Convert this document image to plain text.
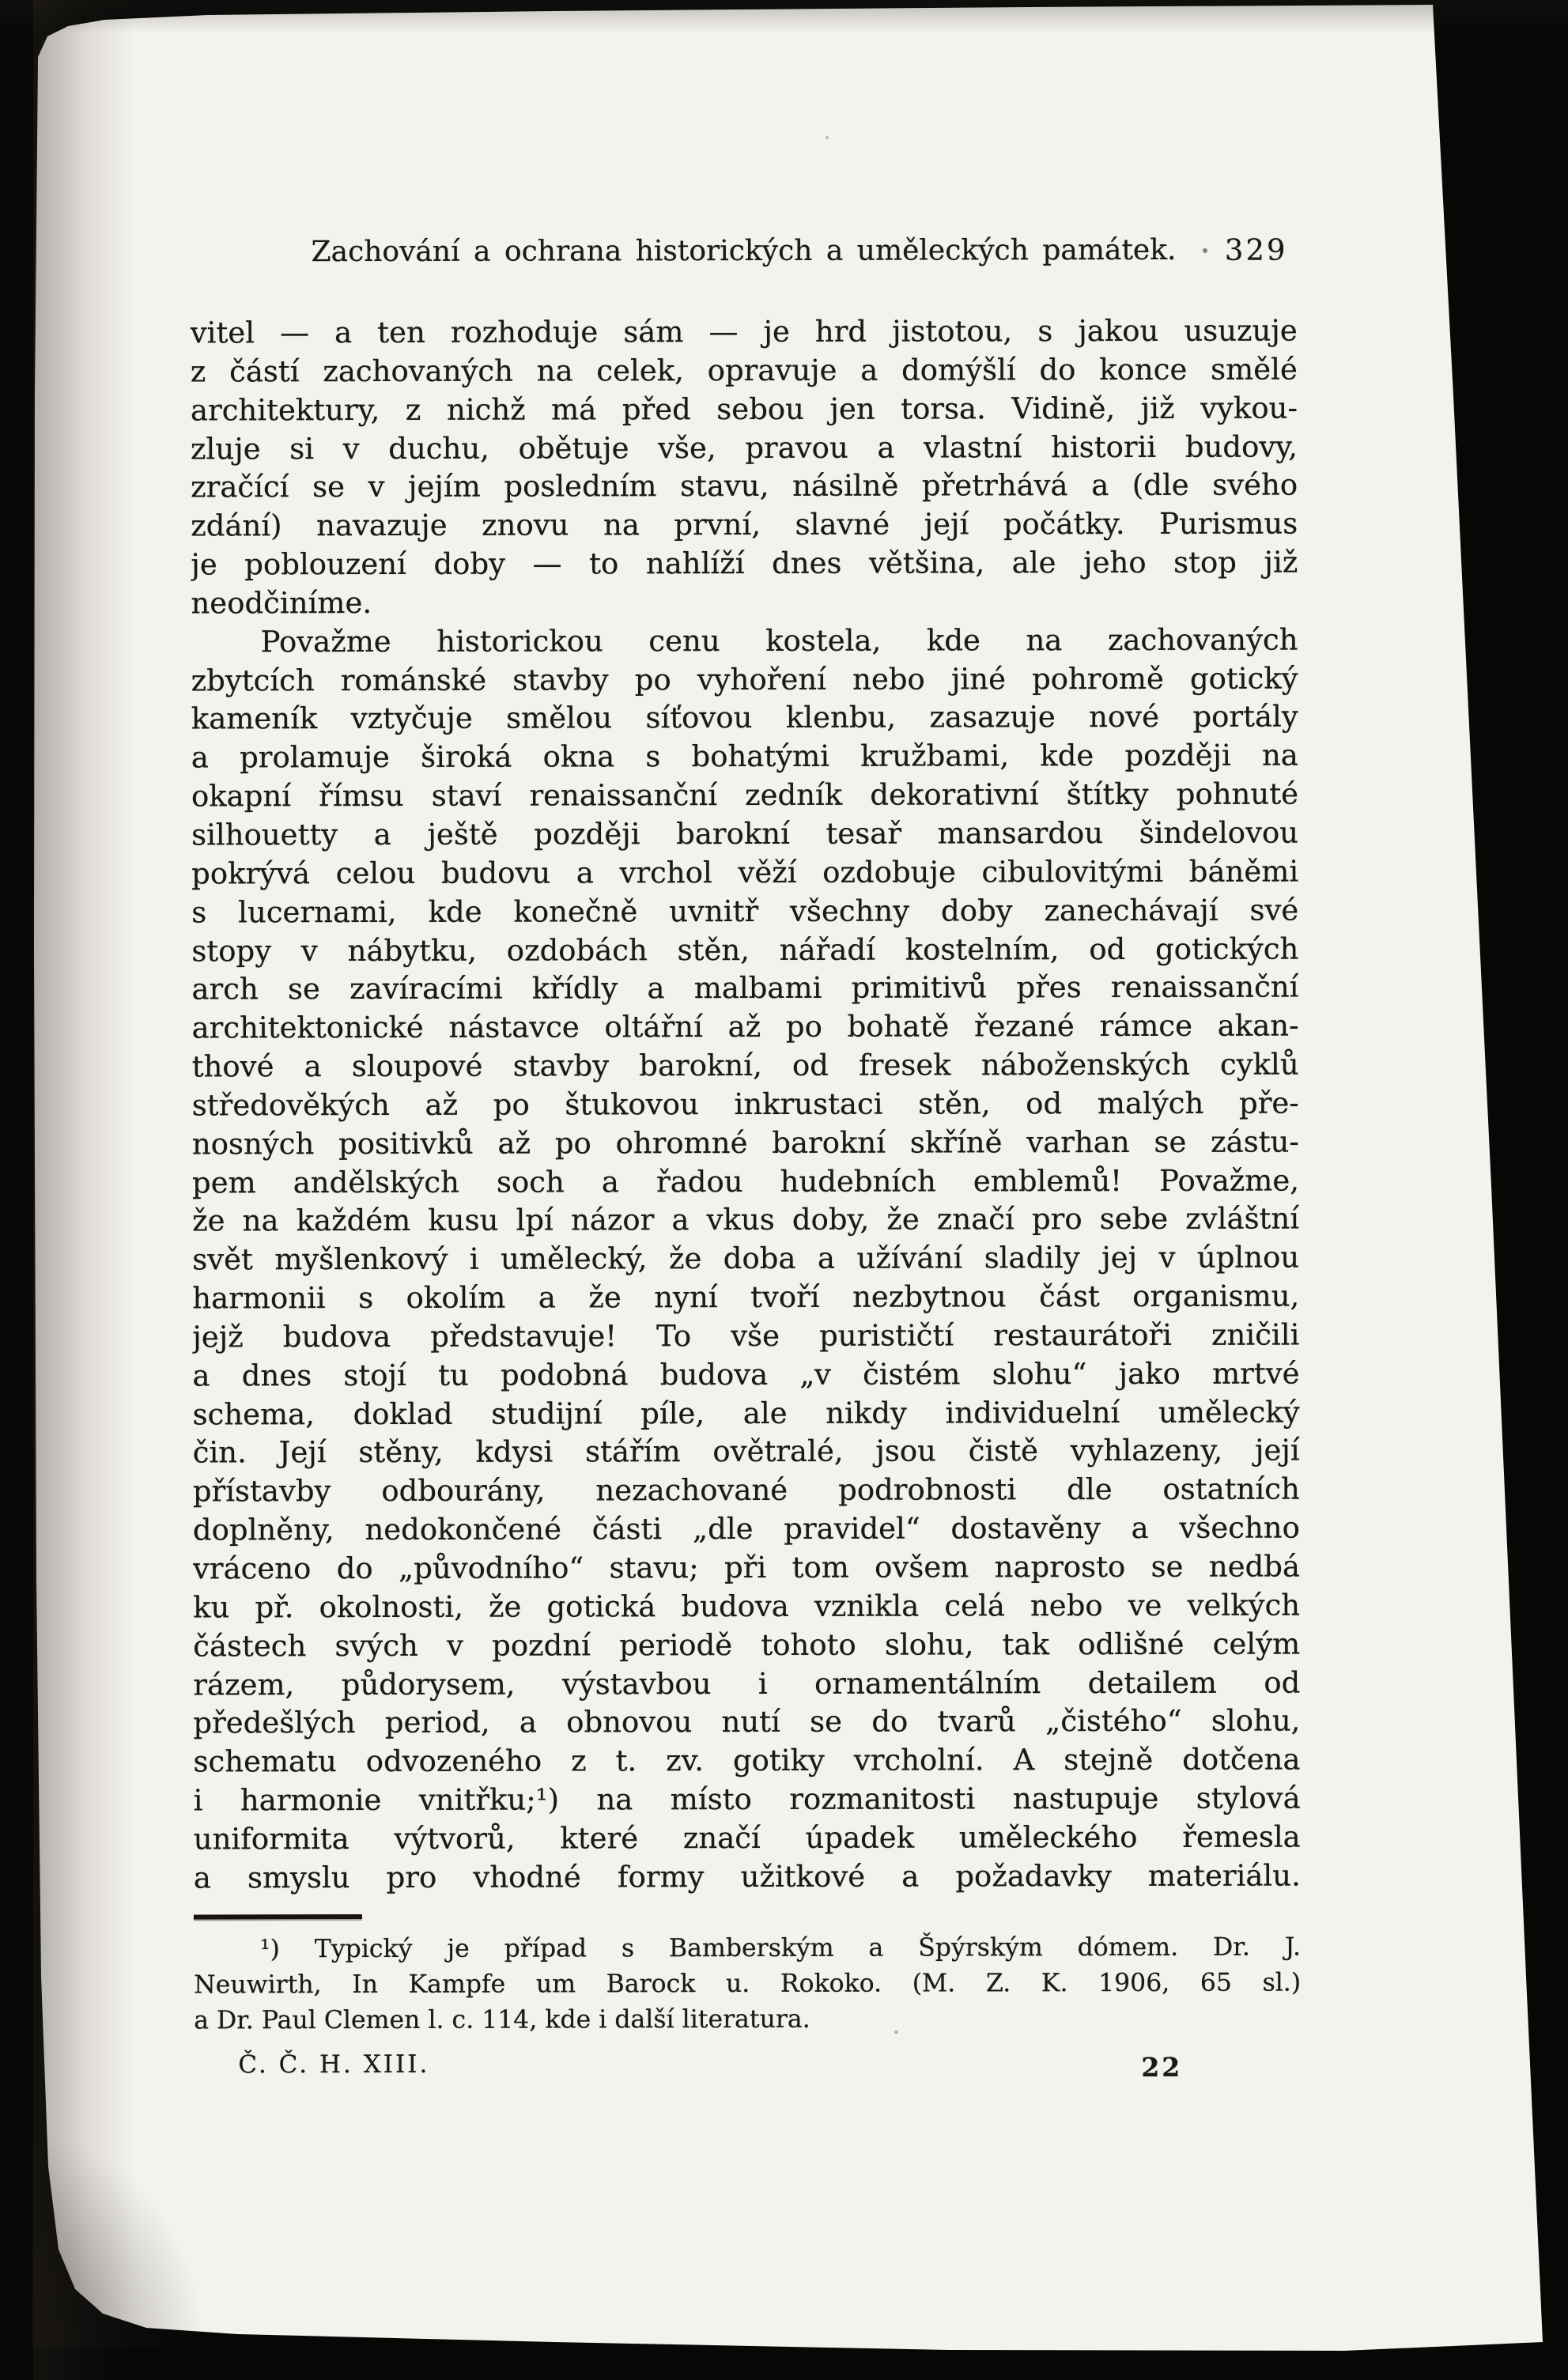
Zachování a ochrana historických a uměleckých památek. 329
vitel — a ten rozhoduje sám — je hrd jistotou, s jakou usuzuje
z částí zachovaných na celek, opravuje a domýšlí do konce smělé
architektury, z nichž má před sebou jen torsa. Vidině, již vykou-
zluje si v duchu, obětuje vše, pravou a vlastní historii budovy,
zračící se v jejím posledním stavu, násilně přetrhává a (dle svého
zdání) navazuje znovu na první, slavné její počátky. Purismus
je poblouzení doby — to nahlíží dnes většina, ale jeho stop již
neodčiníme.
Považme historickou cenu kostela, kde na zachovaných
zbytcích románské stavby po vyhoření nebo jiné pohromě gotický
kameník vztyčuje smělou síťovou klenbu, zasazuje nové portály
a prolamuje široká okna s bohatými kružbami, kde později na
okapní římsu staví renaissanční zedník dekorativní štítky pohnuté
silhouetty a ještě později barokní tesař mansardou šindelovou
pokrývá celou budovu a vrchol věží ozdobuje cibulovitými báněmi
s lucernami, kde konečně uvnitř všechny doby zanechávají své
stopy v nábytku, ozdobách stěn, nářadí kostelním, od gotických
arch se zavíracími křídly a malbami primitivů přes renaissanční
architektonické nástavce oltářní až po bohatě řezané rámce akan-
thové a sloupové stavby barokní, od fresek náboženských cyklů
středověkých až po štukovou inkrustaci stěn, od malých pře-
nosných positivků až po ohromné barokní skříně varhan se zástu-
pem andělských soch a řadou hudebních emblemů! Považme,
že na každém kusu lpí názor a vkus doby, že značí pro sebe zvláštní
svět myšlenkový i umělecký, že doba a užívání sladily jej v úplnou
harmonii s okolím a že nyní tvoří nezbytnou část organismu,
jejž budova představuje! To vše purističtí restaurátoři zničili
a dnes stojí tu podobná budova „v čistém slohu“ jako mrtvé
schema, doklad studijní píle, ale nikdy individuelní umělecký
čin. Její stěny, kdysi stářím ovětralé, jsou čistě vyhlazeny, její
přístavby odbourány, nezachované podrobnosti dle ostatních
doplněny, nedokončené části „dle pravidel“ dostavěny a všechno
vráceno do „původního“ stavu; při tom ovšem naprosto se nedbá
ku př. okolnosti, že gotická budova vznikla celá nebo ve velkých
částech svých v pozdní periodě tohoto slohu, tak odlišné celým
rázem, půdorysem, výstavbou i ornamentálním detailem od
předešlých period, a obnovou nutí se do tvarů „čistého“ slohu,
schematu odvozeného z t. zv. gotiky vrcholní. A stejně dotčena
i harmonie vnitřku;¹) na místo rozmanitosti nastupuje stylová
uniformita výtvorů, které značí úpadek uměleckého řemesla
a smyslu pro vhodné formy užitkové a požadavky materiálu.
¹) Typický je případ s Bamberským a Špýrským dómem. Dr. J.
Neuwirth, In Kampfe um Barock u. Rokoko. (M. Z. K. 1906, 65 sl.)
a Dr. Paul Clemen l. c. 114, kde i další literatura.
Č. Č. H. XIII.	22
